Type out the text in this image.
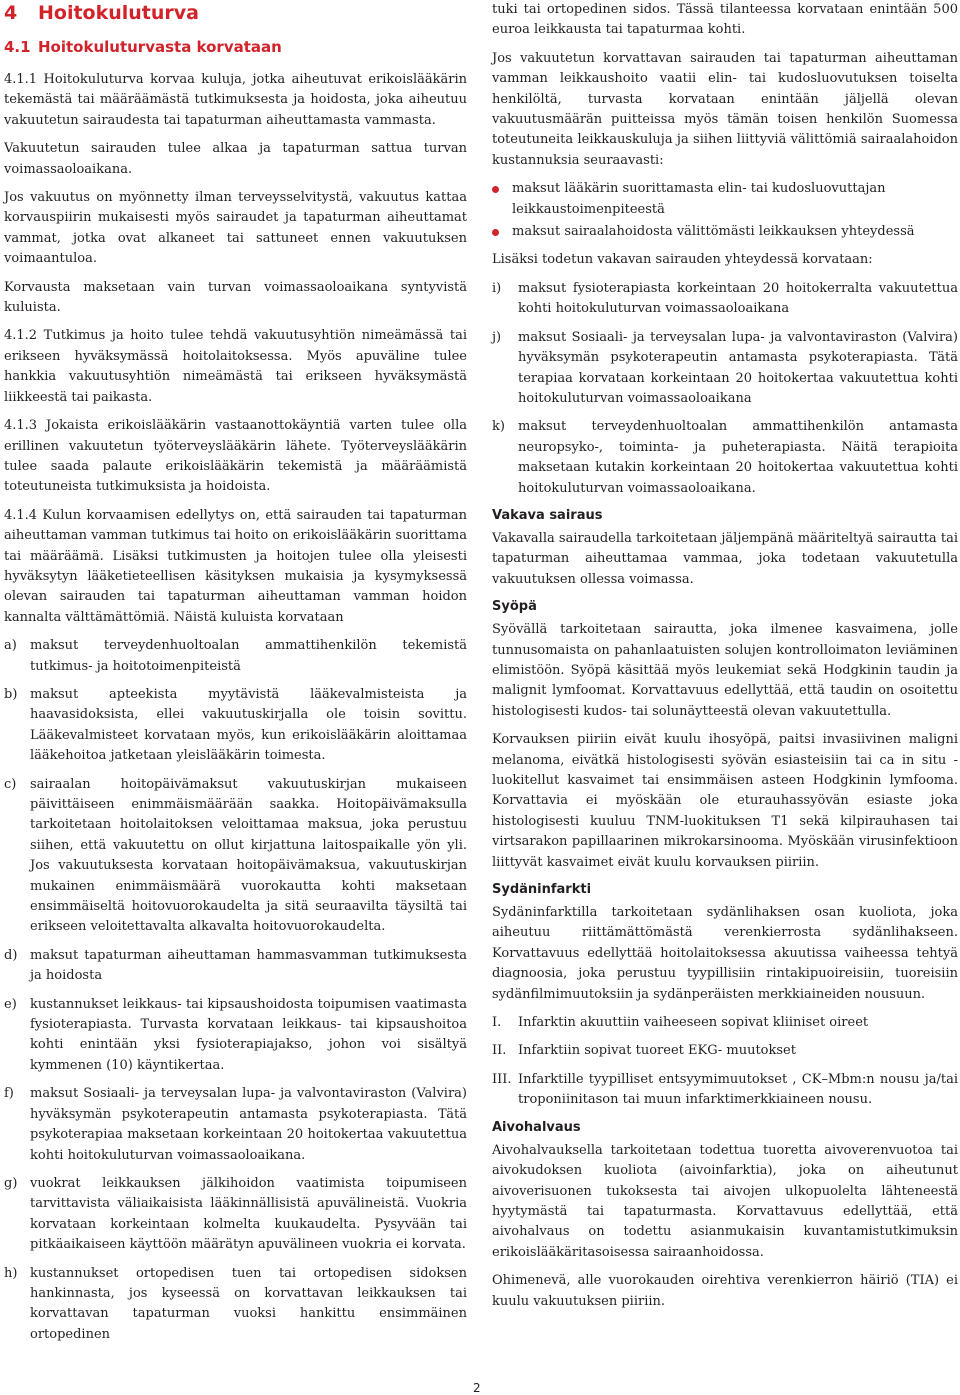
4 Hoitokuluturva
4.1 Hoitokuluturvasta korvataan

4.1.1 Hoitokuluturva korvaa kuluja, jotka aiheutuvat erikoislääkärin tekemästä tai määräämästä tutkimuksesta ja hoidosta, joka aiheutuu vakuutetun sairaudesta tai tapaturman aiheuttamasta vammasta.

Vakuutetun sairauden tulee alkaa ja tapaturman sattua turvan voimassaoloaikana.

Jos vakuutus on myönnetty ilman terveysselvitystä, vakuutus kattaa korvauspiirin mukaisesti myös sairaudet ja tapaturman aiheuttamat vammat, jotka ovat alkaneet tai sattuneet ennen vakuutuksen voimaantuloa.

Korvausta maksetaan vain turvan voimassaoloaikana syntyvistä kuluista.

4.1.2 Tutkimus ja hoito tulee tehdä vakuutusyhtiön nimeämässä tai erikseen hyväksymässä hoitolaitoksessa. Myös apuväline tulee hankkia vakuutusyhtiön nimeämästä tai erikseen hyväksymästä liikkeestä tai paikasta.

4.1.3 Jokaista erikoislääkärin vastaanottokäyntiä varten tulee olla erillinen vakuutetun työterveyslääkärin lähete. Työterveyslääkärin tulee saada palaute erikoislääkärin tekemistä ja määräämistä toteutuneista tutkimuksista ja hoidoista.

4.1.4 Kulun korvaamisen edellytys on, että sairauden tai tapaturman aiheuttaman vamman tutkimus tai hoito on erikoislääkärin suorittama tai määräämä. Lisäksi tutkimusten ja hoitojen tulee olla yleisesti hyväksytyn lääketieteellisen käsityksen mukaisia ja kysymyksessä olevan sairauden tai tapaturman aiheuttaman vamman hoidon kannalta välttämättömiä. Näistä kuluista korvataan

a)	maksut terveydenhuoltoalan ammattihenkilön tekemistä tutkimus- ja hoitotoimenpiteistä
b) maksut apteekista myytävistä lääkevalmisteista ja haavasidoksista, ellei vakuutuskirjalla ole toisin sovittu. Lääkevalmisteet korvataan myös, kun erikoislääkärin aloittamaa lääkehoitoa jatketaan yleislääkärin toimesta.
c)	sairaalan hoitopäivämaksut vakuutuskirjan mukaiseen päivittäiseen enimmäismäärään saakka. Hoitopäivämaksulla tarkoitetaan hoitolaitoksen veloittamaa maksua, joka perustuu siihen, että vakuutettu on ollut kirjattuna laitospaikalle yön yli. Jos vakuutuksesta korvataan hoitopäivämaksua, vakuutuskirjan mukainen enimmäismäärä vuorokautta kohti maksetaan ensimmäiseltä hoitovuorokaudelta ja sitä seuraavilta täysiltä tai erikseen veloitettavalta alkavalta hoitovuorokaudelta.
d) maksut tapaturman aiheuttaman hammasvamman tutkimuksesta ja hoidosta
e)	kustannukset leikkaus- tai kipsaushoidosta toipumisen vaatimasta fysioterapiasta. Turvasta korvataan leikkaus- tai kipsaushoitoa kohti enintään yksi fysioterapiajakso, johon voi sisältyä kymmenen (10) käyntikertaa.
f)	maksut Sosiaali- ja terveysalan lupa- ja valvontaviraston (Valvira) hyväksymän psykoterapeutin antamasta psykoterapiasta. Tätä psykoterapiaa maksetaan korkeintaan 20 hoitokertaa vakuutettua kohti hoitokuluturvan voimassaoloaikana.
g) vuokrat leikkauksen jälkihoidon vaatimista toipumiseen tarvittavista väliaikaisista lääkinnällisistä apuvälineistä. Vuokria korvataan korkeintaan kolmelta kuukaudelta. Pysyvään tai pitkäaikaiseen käyttöön määrätyn apuvälineen vuokria ei korvata.
h) kustannukset ortopedisen tuen tai ortopedisen sidoksen hankinnasta, jos kyseessä on korvattavan leikkauksen tai korvattavan tapaturman vuoksi hankittu ensimmäinen ortopedinen

tuki tai ortopedinen sidos. Tässä tilanteessa korvataan enintään 500 euroa leikkausta tai tapaturmaa kohti.

Jos vakuutetun korvattavan sairauden tai tapaturman aiheuttaman vamman leikkaushoito vaatii elin- tai kudosluovutuksen toiselta henkilöltä, turvasta korvataan enintään jäljellä olevan vakuutusmäärän puitteissa myös tämän toisen henkilön Suomessa toteutuneita leikkauskuluja ja siihen liittyviä välittömiä sairaalahoidon kustannuksia seuraavasti:

maksut lääkärin suorittamasta elin- tai kudosluovuttajan leikkaustoimenpiteestä
maksut sairaalahoidosta välittömästi leikkauksen yhteydessä

Lisäksi todetun vakavan sairauden yhteydessä korvataan:

i)	maksut fysioterapiasta korkeintaan 20 hoitokerralta vakuutettua kohti hoitokuluturvan voimassaoloaikana
j)	maksut Sosiaali- ja terveysalan lupa- ja valvontaviraston (Valvira) hyväksymän psykoterapeutin antamasta psykoterapiasta. Tätä terapiaa korvataan korkeintaan 20 hoitokertaa vakuutettua kohti hoitokuluturvan voimassaoloaikana
k)	maksut terveydenhuoltoalan ammattihenkilön antamasta neuropsyko-, toiminta- ja puheterapiasta. Näitä terapioita maksetaan kutakin korkeintaan 20 hoitokertaa vakuutettua kohti hoitokuluturvan voimassaoloaikana.
Vakava sairaus

Vakavalla sairaudella tarkoitetaan jäljempänä määriteltyä sairautta tai tapaturman aiheuttamaa vammaa, joka todetaan vakuutetulla vakuutuksen ollessa voimassa.

Syöpä

Syövällä tarkoitetaan sairautta, joka ilmenee kasvaimena, jolle tunnusomaista on pahanlaatuisten solujen kontrolloimaton leviäminen elimistöön. Syöpä käsittää myös leukemiat sekä Hodgkinin taudin ja malignit lymfoomat. Korvattavuus edellyttää, että taudin on osoitettu histologisesti kudos- tai solunäytteestä olevan vakuutettulla.

Korvauksen piiriin eivät kuulu ihosyöpä, paitsi invasiivinen maligni melanoma, eivätkä histologisesti syövän esiasteisiin tai ca in situ -luokitellut kasvaimet tai ensimmäisen asteen Hodgkinin lymfooma. Korvattavia ei myöskään ole eturauhassyövän esiaste joka histologisesti kuuluu TNM-luokituksen T1 sekä kilpirauhasen tai virtsarakon papillaarinen mikrokarsinooma. Myöskään virusinfektioon liittyvät kasvaimet eivät kuulu korvauksen piiriin.

Sydäninfarkti

Sydäninfarktilla tarkoitetaan sydänlihaksen osan kuoliota, joka aiheutuu riittämättömästä verenkierrosta sydänlihakseen. Korvattavuus edellyttää hoitolaitoksessa akuutissa vaiheessa tehtyä diagnoosia, joka perustuu tyypillisiin rintakipuoireisiin, tuoreisiin sydänfilmimuutoksiin ja sydänperäisten merkkiaineiden nousuun.

I.	Infarktin akuuttiin vaiheeseen sopivat kliiniset oireet
II. Infarktiin sopivat tuoreet EKG- muutokset
III. Infarktille tyypilliset entsyymimuutokset , CK–Mbm:n nousu ja/tai troponiinitason tai muun infarktimerkkiaineen nousu.
Aivohalvaus

Aivohalvauksella tarkoitetaan todettua tuoretta aivoverenvuotoa tai aivokudoksen kuoliota (aivoinfarktia), joka on aiheutunut aivoverisuonen tukoksesta tai aivojen ulkopuolelta lähteneestä hyytymästä tai tapaturmasta. Korvattavuus edellyttää, että aivohalvaus on todettu asianmukaisin kuvantamistutkimuksin erikoislääkäritasoisessa sairaanhoidossa.

Ohimenevä, alle vuorokauden oirehtiva verenkierron häiriö (TIA) ei kuulu vakuutuksen piiriin.

2
